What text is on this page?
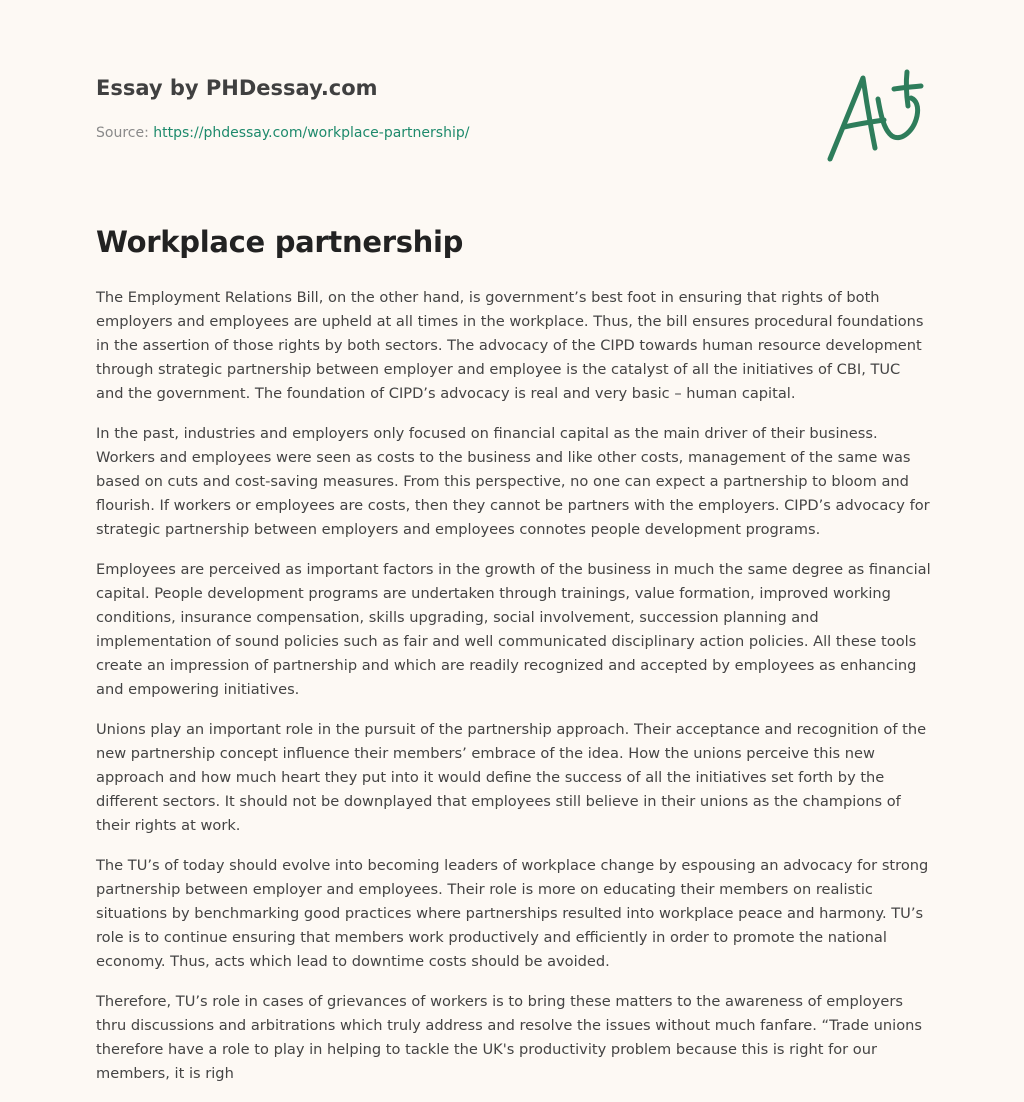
Essay by PHDessay.com

Source: https://phdessay.com/workplace-partnership/

Workplace partnership

The Employment Relations Bill, on the other hand, is government’s best foot in ensuring that rights of both employers and employees are upheld at all times in the workplace. Thus, the bill ensures procedural foundations in the assertion of those rights by both sectors. The advocacy of the CIPD towards human resource development through strategic partnership between employer and employee is the catalyst of all the initiatives of CBI, TUC and the government. The foundation of CIPD’s advocacy is real and very basic – human capital.

In the past, industries and employers only focused on financial capital as the main driver of their business. Workers and employees were seen as costs to the business and like other costs, management of the same was based on cuts and cost-saving measures. From this perspective, no one can expect a partnership to bloom and flourish. If workers or employees are costs, then they cannot be partners with the employers. CIPD’s advocacy for strategic partnership between employers and employees connotes people development programs.

Employees are perceived as important factors in the growth of the business in much the same degree as financial capital. People development programs are undertaken through trainings, value formation, improved working conditions, insurance compensation, skills upgrading, social involvement, succession planning and implementation of sound policies such as fair and well communicated disciplinary action policies. All these tools create an impression of partnership and which are readily recognized and accepted by employees as enhancing and empowering initiatives.

Unions play an important role in the pursuit of the partnership approach. Their acceptance and recognition of the new partnership concept influence their members’ embrace of the idea. How the unions perceive this new approach and how much heart they put into it would define the success of all the initiatives set forth by the different sectors. It should not be downplayed that employees still believe in their unions as the champions of their rights at work.

The TU’s of today should evolve into becoming leaders of workplace change by espousing an advocacy for strong partnership between employer and employees. Their role is more on educating their members on realistic situations by benchmarking good practices where partnerships resulted into workplace peace and harmony. TU’s role is to continue ensuring that members work productively and efficiently in order to promote the national economy. Thus, acts which lead to downtime costs should be avoided.

Therefore, TU’s role in cases of grievances of workers is to bring these matters to the awareness of employers thru discussions and arbitrations which truly address and resolve the issues without much fanfare. “Trade unions therefore have a role to play in helping to tackle the UK's productivity problem because this is right for our members, it is righ
